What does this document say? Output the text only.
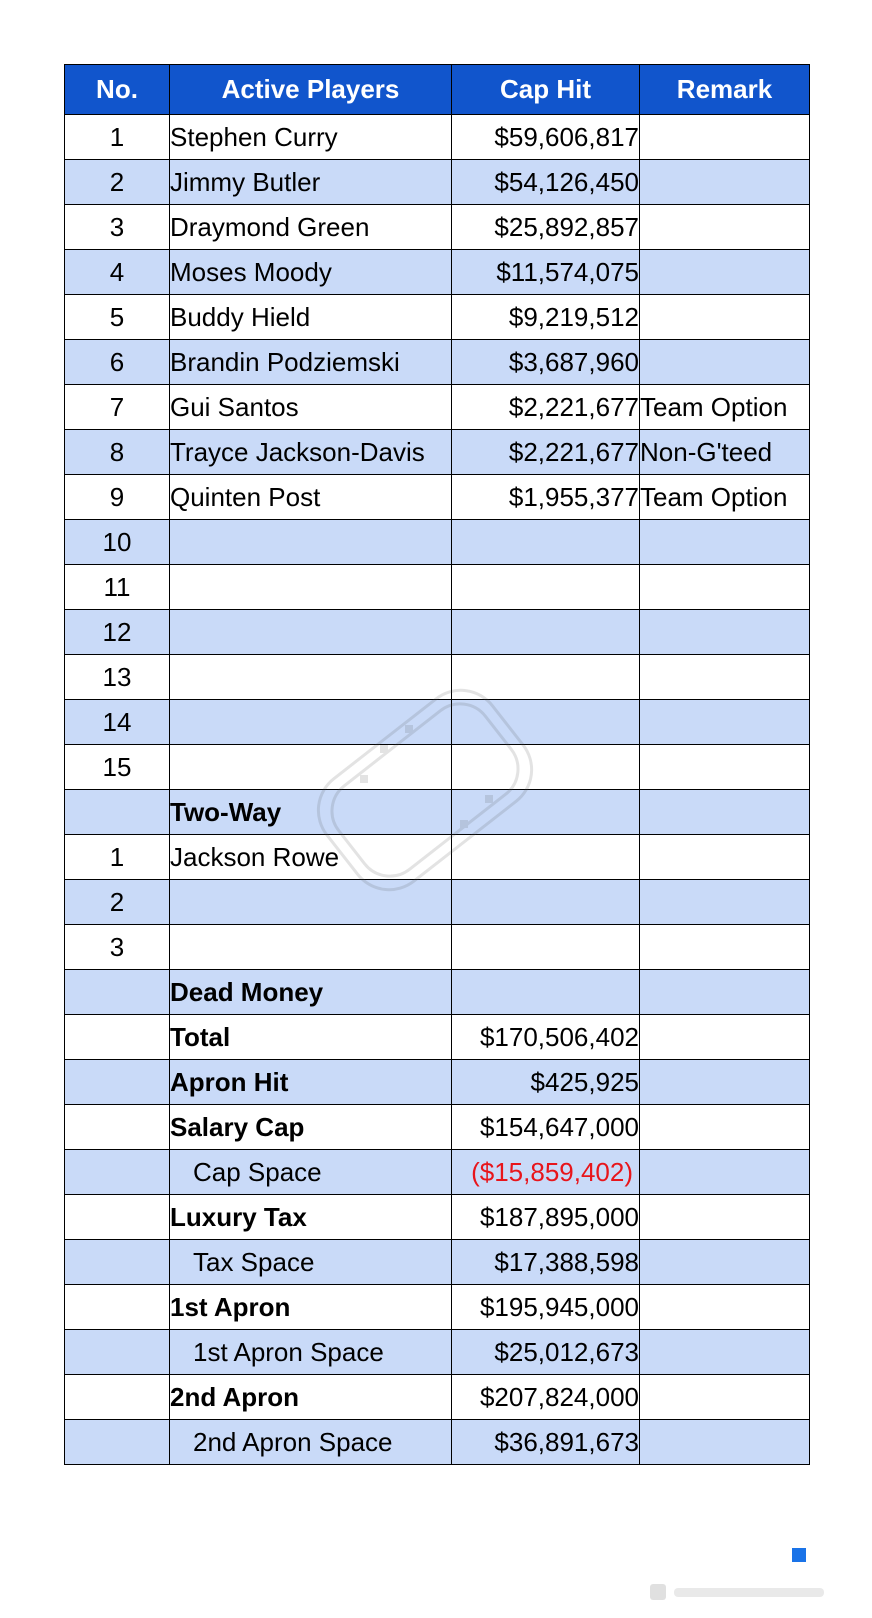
No.	Active Players	Cap Hit	Remark
1	Stephen Curry	$59,606,817	
2	Jimmy Butler	$54,126,450	
3	Draymond Green	$25,892,857	
4	Moses Moody	$11,574,075	
5	Buddy Hield	$9,219,512	
6	Brandin Podziemski	$3,687,960	
7	Gui Santos	$2,221,677	Team Option
8	Trayce Jackson-Davis	$2,221,677	Non-G'teed
9	Quinten Post	$1,955,377	Team Option
10			
11			
12			
13			
14			
15			
	Two-Way		
1	Jackson Rowe		
2			
3			
	Dead Money		
	Total	$170,506,402	
	Apron Hit	$425,925	
	Salary Cap	$154,647,000	
	Cap Space	($15,859,402)	
	Luxury Tax	$187,895,000	
	Tax Space	$17,388,598	
	1st Apron	$195,945,000	
	1st Apron Space	$25,012,673	
	2nd Apron	$207,824,000	
	2nd Apron Space	$36,891,673	
